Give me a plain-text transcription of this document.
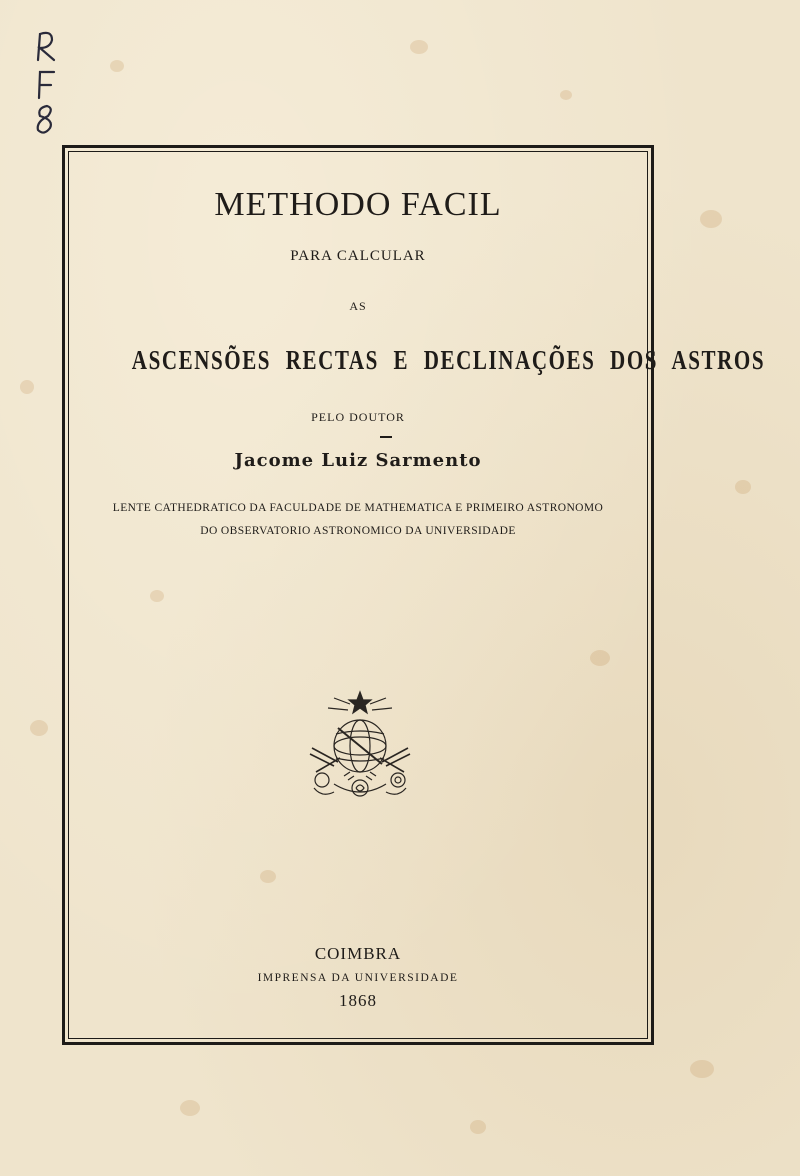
METHODO FACIL
PARA CALCULAR
AS
ASCENSÕES RECTAS E DECLINAÇÕES DOS ASTROS
PELO DOUTOR
Jacome Luiz Sarmento
LENTE CATHEDRATICO DA FACULDADE DE MATHEMATICA E PRIMEIRO ASTRONOMO
DO OBSERVATORIO ASTRONOMICO DA UNIVERSIDADE
COIMBRA
IMPRENSA DA UNIVERSIDADE
1868
